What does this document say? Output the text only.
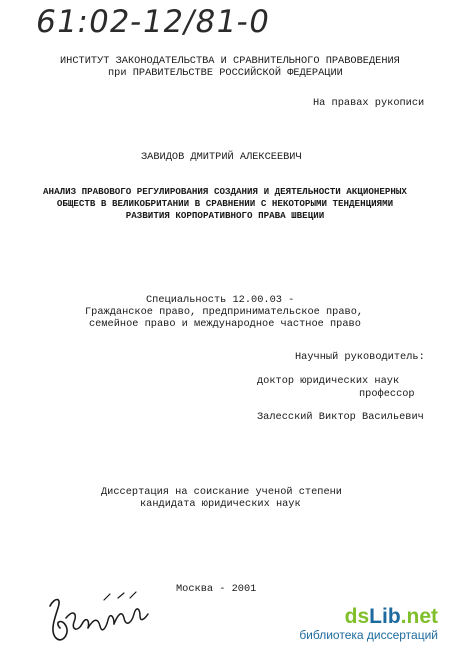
61:02-12/81-0
ИНСТИТУТ ЗАКОНОДАТЕЛЬСТВА И СРАВНИТЕЛЬНОГО ПРАВОВЕДЕНИЯ
при ПРАВИТЕЛЬСТВЕ РОССИЙСКОЙ ФЕДЕРАЦИИ
На правах рукописи
ЗАВИДОВ ДМИТРИЙ АЛЕКСЕЕВИЧ
АНАЛИЗ ПРАВОВОГО РЕГУЛИРОВАНИЯ СОЗДАНИЯ И ДЕЯТЕЛЬНОСТИ АКЦИОНЕРНЫХ
ОБЩЕСТВ В ВЕЛИКОБРИТАНИИ В СРАВНЕНИИ С НЕКОТОРЫМИ ТЕНДЕНЦИЯМИ
РАЗВИТИЯ КОРПОРАТИВНОГО ПРАВА ШВЕЦИИ
Специальность 12.00.03 -
Гражданское право, предпринимательское право,
семейное право и международное частное право
Научный руководитель:
доктор юридических наук
профессор
Залесский Виктор Васильевич
Диссертация на соискание ученой степени
кандидата юридических наук
Москва - 2001
dsLib.net
библиотека диссертаций
